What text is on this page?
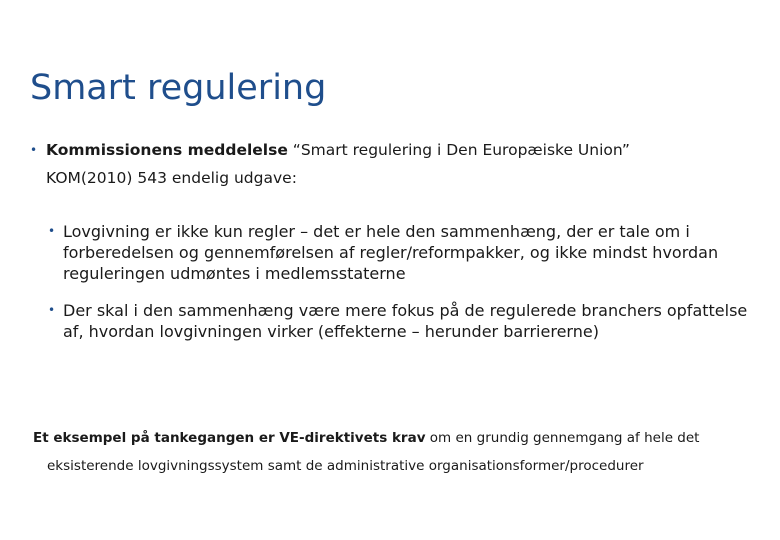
Smart regulering
• Kommissionens meddelelse “Smart regulering i Den Europæiske Union”
KOM(2010) 543 endelig udgave:
• Lovgivning er ikke kun regler – det er hele den sammenhæng, der er tale om i forberedelsen og gennemførelsen af regler/reformpakker, og ikke mindst hvordan reguleringen udmøntes i medlemsstaterne
• Der skal i den sammenhæng være mere fokus på de regulerede branchers opfattelse af, hvordan lovgivningen virker (effekterne – herunder barriererne)
Et eksempel på tankegangen er VE-direktivets krav om en grundig gennemgang af hele det
eksisterende lovgivningssystem samt de administrative organisationsformer/procedurer
